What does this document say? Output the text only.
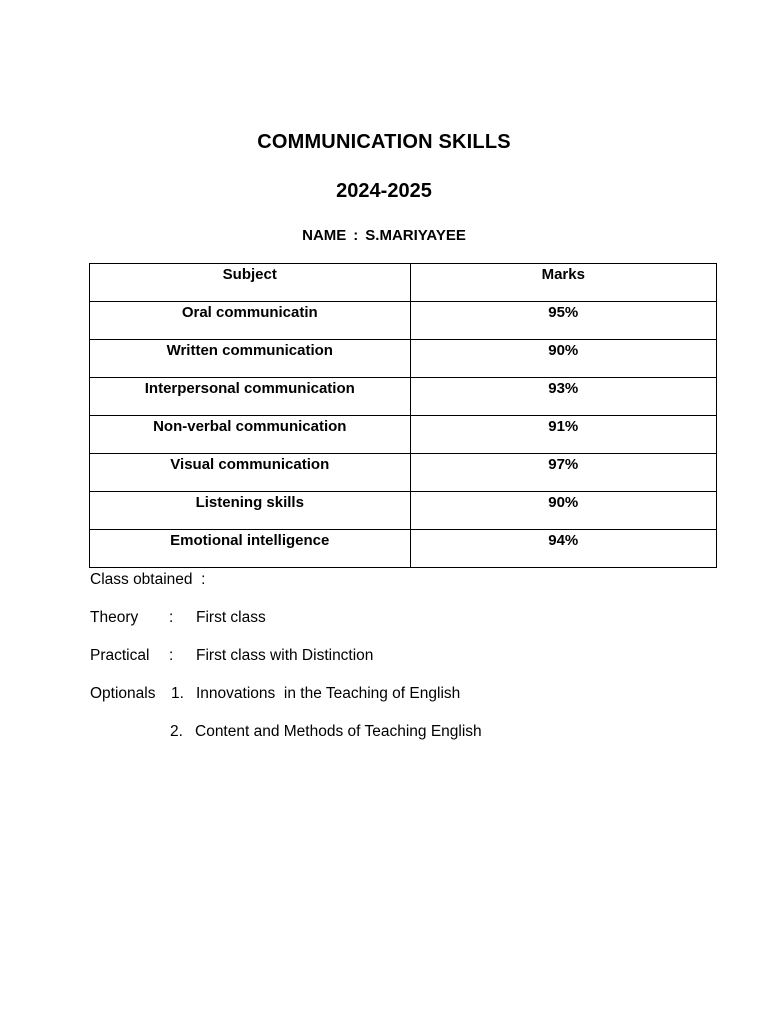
COMMUNICATION SKILLS
2024-2025
NAME : S.MARIYAYEE
Subject	Marks
Oral communicatin	95%
Written communication	90%
Interpersonal communication	93%
Non-verbal communication	91%
Visual communication	97%
Listening skills	90%
Emotional intelligence	94%
Class obtained  :
Theory : First class
Practical : First class with Distinction
Optionals 1. Innovations  in the Teaching of English
2. Content and Methods of Teaching English
